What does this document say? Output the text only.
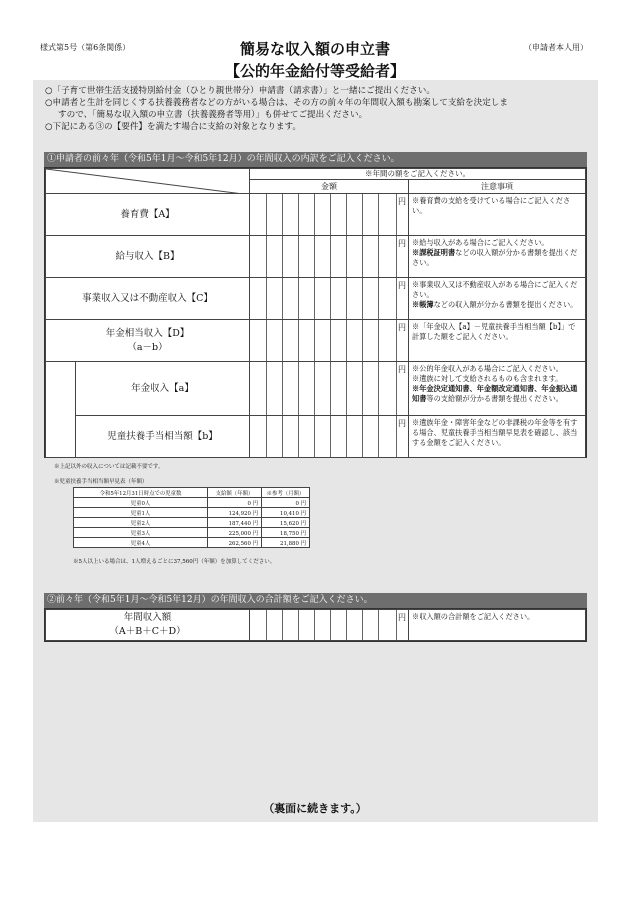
様式第5号（第6条関係）	簡易な収入額の申立書
【公的年金給付等受給者】
（申請者本人用）
○「子育て世帯生活支援特別給付金（ひとり親世帯分）申請書（請求書）」と一緒にご提出ください。
○申請者と生計を同じくする扶養義務者などの方がいる場合は、その方の前々年の年間収入額も勘案して支給を決定しま
すので、「簡易な収入額の申立書（扶養義務者等用）」も併せてご提出ください。
○下記にある③の【要件】を満たす場合に支給の対象となります。
①申請者の前々年（令和5年1月～令和5年12月）の年間収入の内訳をご記入ください。
※年間の額をご記入ください。
金額	注意事項
養育費【A】
円 ※養育費の支給を受けている場合にご記入ください。
給与収入【B】
円 ※給与収入がある場合にご記入ください。
※課税証明書などの収入額が分かる書類を提出ください。
事業収入又は不動産収入【C】
円 ※事業収入又は不動産収入がある場合にご記入ください。
※帳簿などの収入額が分かる書類を提出ください。
年金相当収入【D】
（a－b）
円 ※「年金収入【a】－児童扶養手当相当額【b】」で計算した額をご記入ください。
年金収入【a】
円 ※公的年金収入がある場合にご記入ください。
※遺族に対して支給されるものも含まれます。
※年金決定通知書、年金額改定通知書、年金振込通知書等の支給額が分かる書類を提出ください。
児童扶養手当相当額【b】
円 ※遺族年金・障害年金などの非課税の年金等を有する場合、児童扶養手当相当額早見表を確認し、該当する金額をご記入ください。
※上記以外の収入については記載不要です。
※児童扶養手当相当額早見表（年額）
令和5年12月31日時点での児童数	支給額（年額）	※参考（月額）
児童0人	0 円	0 円
児童1人	124,920 円	10,410 円
児童2人	187,440 円	15,620 円
児童3人	225,000 円	18,750 円
児童4人	262,560 円	21,880 円
※5人以上いる場合は、1人増えるごとに37,560円（年額）を加算してください。
②前々年（令和5年1月～令和5年12月）の年間収入の合計額をご記入ください。
年間収入額
（A＋B＋C＋D）
円 ※収入額の合計額をご記入ください。
（裏面に続きます。）
